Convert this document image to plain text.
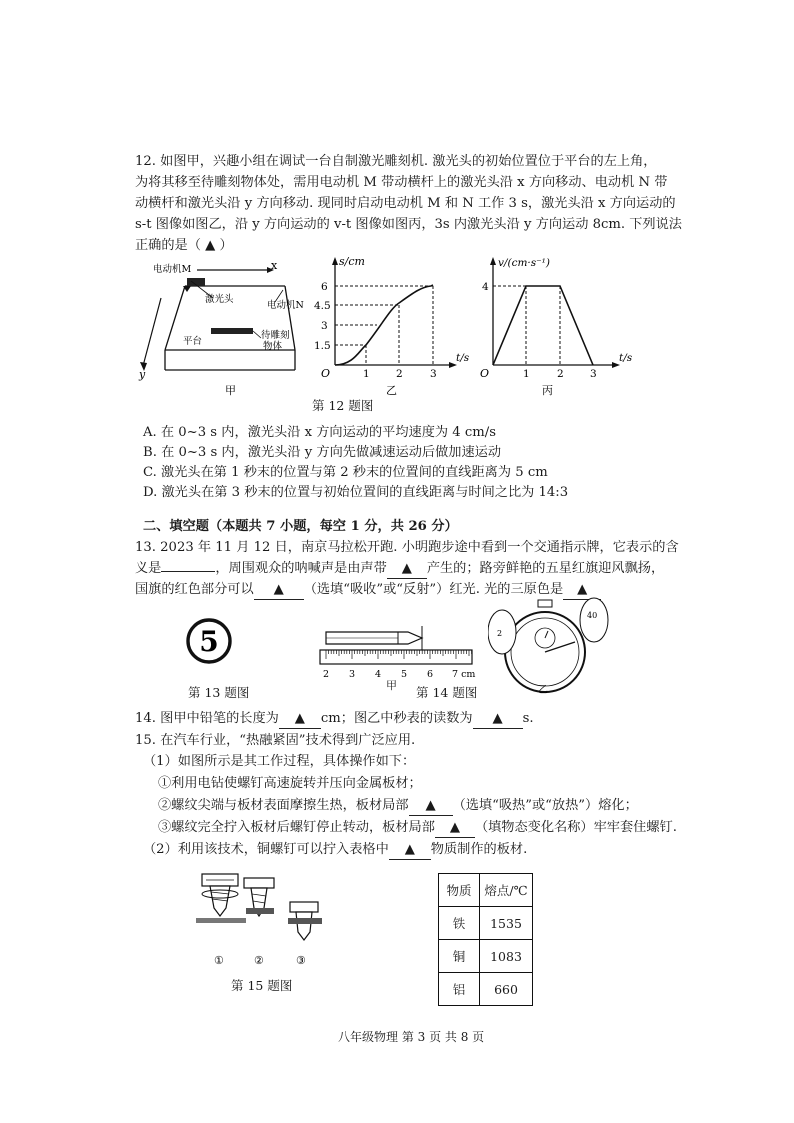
12. 如图甲，兴趣小组在调试一台自制激光雕刻机. 激光头的初始位置位于平台的左上角，
为将其移至待雕刻物体处，需用电动机 M 带动横杆上的激光头沿 x 方向移动、电动机 N 带
动横杆和激光头沿 y 方向移动. 现同时启动电动机 M 和 N 工作 3 s，激光头沿 x 方向运动的
s-t 图像如图乙，沿 y 方向运动的 v-t 图像如图丙，3s 内激光头沿 y 方向运动 8cm. 下列说法
正确的是（ ▲ ）
电动机M	x
激光头
电动机N
平台
待雕刻
物体
y
甲
s/cm
t/s
O
6
4.5
3
1.5
1	2	3
乙
v/(cm·s⁻¹)
t/s
O
4
1	2	3
丙
第 12 题图
A. 在 0~3 s 内，激光头沿 x 方向运动的平均速度为 4 cm/s
B. 在 0~3 s 内，激光头沿 y 方向先做减速运动后做加速运动
C. 激光头在第 1 秒末的位置与第 2 秒末的位置间的直线距离为 5 cm
D. 激光头在第 3 秒末的位置与初始位置间的直线距离与时间之比为 14:3
二、填空题（本题共 7 小题，每空 1 分，共 26 分）
13. 2023 年 11 月 12 日，南京马拉松开跑. 小明跑步途中看到一个交通指示牌，它表示的含
义是	，周围观众的呐喊声是由声带 ▲ 产生的；路旁鲜艳的五星红旗迎风飘扬，
国旗的红色部分可以 ▲ （选填“吸收”或“反射”）红光. 光的三原色是 ▲
5
第 13 题图
2 3 4 5 6 7 cm
甲 第 14 题图
2
40
乙
14. 图甲中铅笔的长度为 ▲ cm；图乙中秒表的读数为 ▲ s.
15. 在汽车行业，“热融紧固”技术得到广泛应用.
（1）如图所示是其工作过程，具体操作如下：
①利用电钻使螺钉高速旋转并压向金属板材；
②螺纹尖端与板材表面摩擦生热，板材局部 ▲ （选填“吸热”或“放热”）熔化；
③螺纹完全拧入板材后螺钉停止转动，板材局部 ▲ （填物态变化名称）牢牢套住螺钉.
（2）利用该技术，铜螺钉可以拧入表格中 ▲ 物质制作的板材.
①	②	③
第 15 题图
物质	熔点/℃
铁	1535
铜	1083
铝	660
八年级物理 第 3 页 共 8 页
